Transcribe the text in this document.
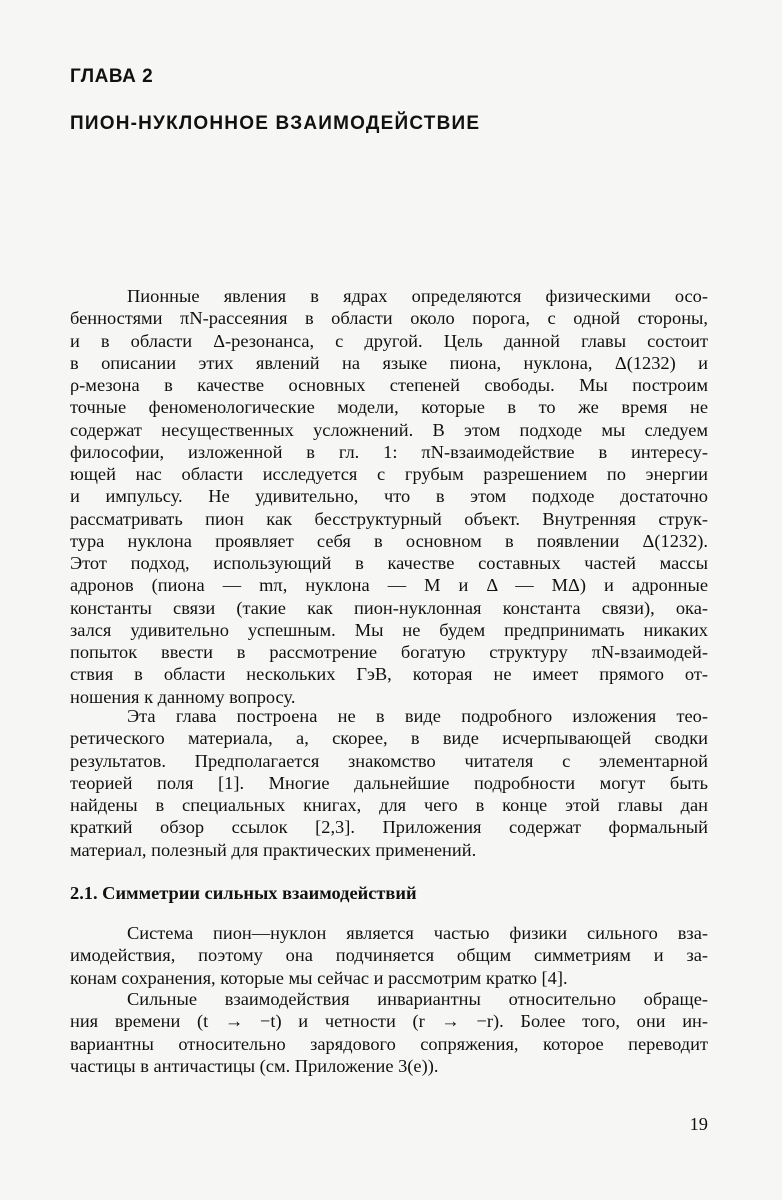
ГЛАВА 2
ПИОН-НУКЛОННОЕ ВЗАИМОДЕЙСТВИЕ
Пионные явления в ядрах определяются физическими осо-
бенностями πN-рассеяния в области около порога, с одной стороны,
и в области Δ-резонанса, с другой. Цель данной главы состоит
в описании этих явлений на языке пиона, нуклона, Δ(1232) и
ρ-мезона в качестве основных степеней свободы. Мы построим
точные феноменологические модели, которые в то же время не
содержат несущественных усложнений. В этом подходе мы следуем
философии, изложенной в гл. 1: πN-взаимодействие в интересу-
ющей нас области исследуется с грубым разрешением по энергии
и импульсу. Не удивительно, что в этом подходе достаточно
рассматривать пион как бесструктурный объект. Внутренняя струк-
тура нуклона проявляет себя в основном в появлении Δ(1232).
Этот подход, использующий в качестве составных частей массы
адронов (пиона — mπ, нуклона — M и Δ — MΔ) и адронные
константы связи (такие как пион-нуклонная константа связи), ока-
зался удивительно успешным. Мы не будем предпринимать никаких
попыток ввести в рассмотрение богатую структуру πN-взаимодей-
ствия в области нескольких ГэВ, которая не имеет прямого от-
ношения к данному вопросу.
Эта глава построена не в виде подробного изложения тео-
ретического материала, а, скорее, в виде исчерпывающей сводки
результатов. Предполагается знакомство читателя с элементарной
теорией поля [1]. Многие дальнейшие подробности могут быть
найдены в специальных книгах, для чего в конце этой главы дан
краткий обзор ссылок [2,3]. Приложения содержат формальный
материал, полезный для практических применений.
2.1. Симметрии сильных взаимодействий
Система пион—нуклон является частью физики сильного вза-
имодействия, поэтому она подчиняется общим симметриям и за-
конам сохранения, которые мы сейчас и рассмотрим кратко [4].
Сильные взаимодействия инвариантны относительно обраще-
ния времени (t → −t) и четности (r → −r). Более того, они ин-
вариантны относительно зарядового сопряжения, которое переводит
частицы в античастицы (см. Приложение 3(e)).
19
